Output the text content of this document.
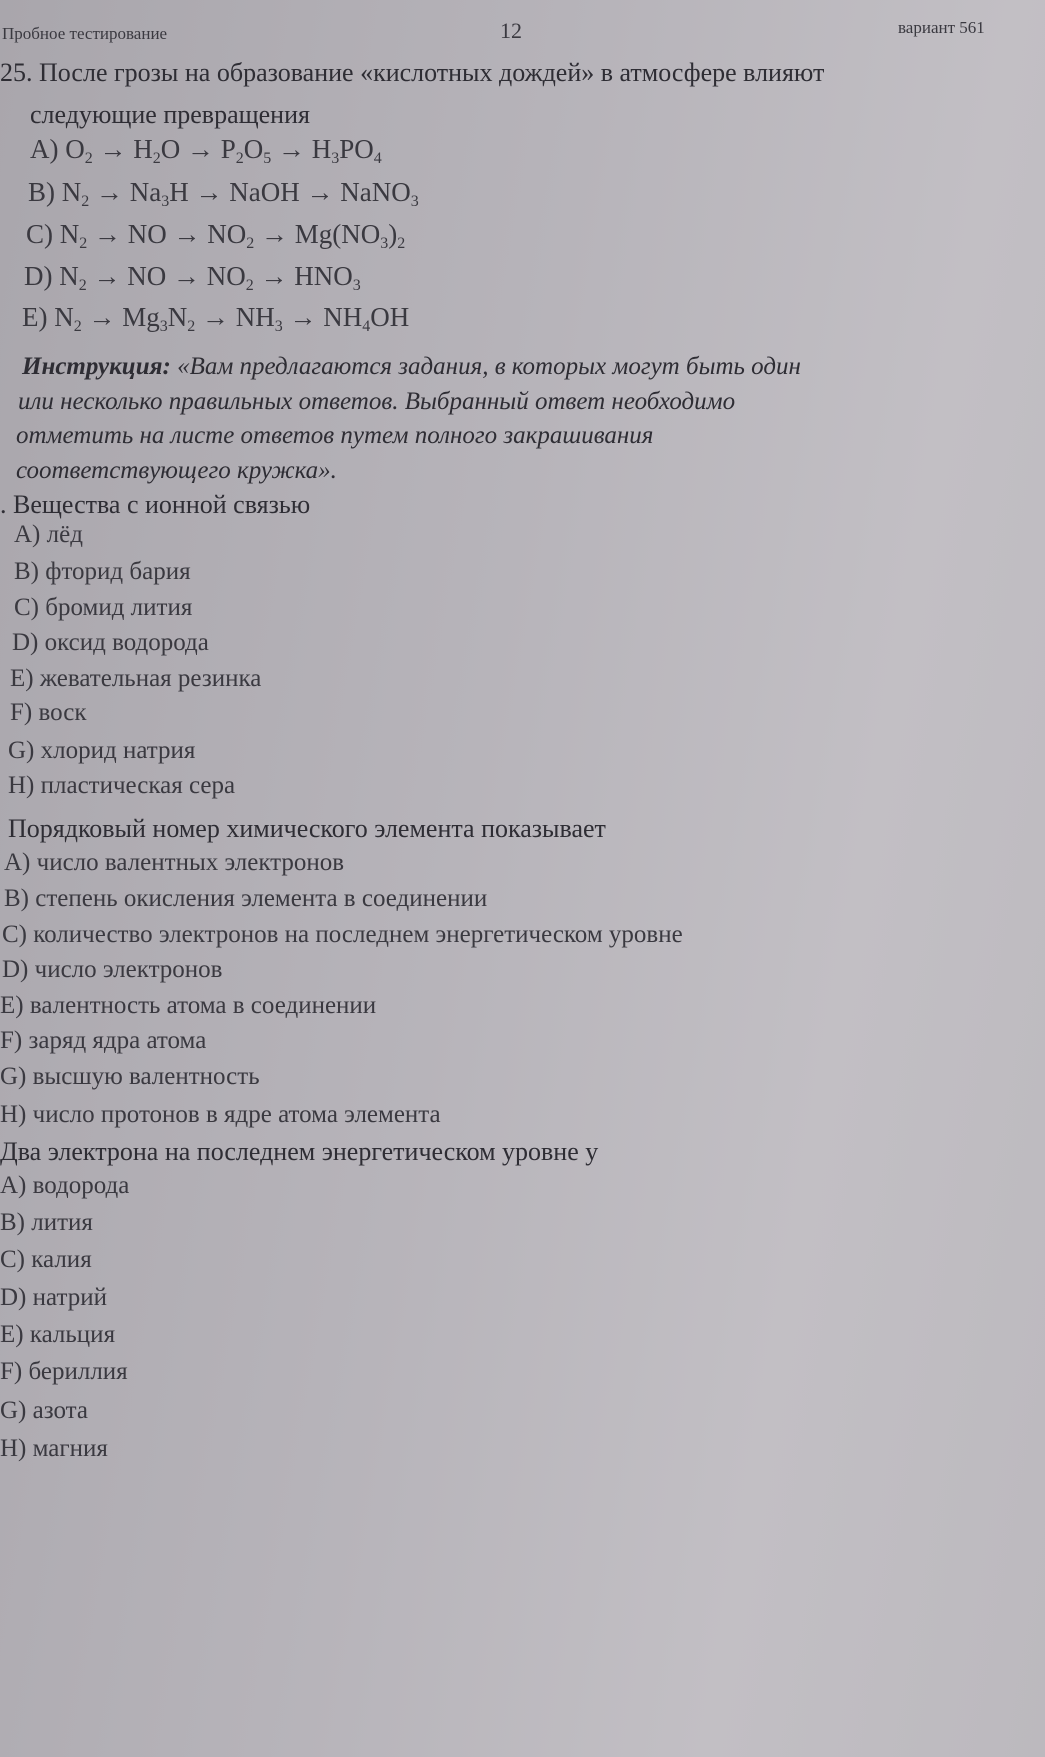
Пробное тестирование	12	вариант 561
25. После грозы на образование «кислотных дождей» в атмосфере влияют
следующие превращения
A) $O_2 \to H_2O \to P_2O_5 \to H_3PO_4$
B) $N_2 \to Na_3H$ → NaOH → NaNO$_3$
C) $N_2$ → NO → $NO_2 \to Mg(NO_3)_2$
D) $N_2$ → NO → $NO_2 \to HNO_3$
E) $N_2 \to Mg_3N_2 \to NH_3 \to NH_4OH$
Инструкция: «Вам предлагаются задания, в которых могут быть один
или несколько правильных ответов. Выбранный ответ необходимо
отметить на листе ответов путем полного закрашивания
соответствующего кружка».
. Вещества с ионной связью
A) лёд
B) фторид бария
C) бромид лития
D) оксид водорода
E) жевательная резинка
F) воск
G) хлорид натрия
H) пластическая сера
Порядковый номер химического элемента показывает
A) число валентных электронов
B) степень окисления элемента в соединении
C) количество электронов на последнем энергетическом уровне
D) число электронов
E) валентность атома в соединении
F) заряд ядра атома
G) высшую валентность
H) число протонов в ядре атома элемента
Два электрона на последнем энергетическом уровне у
A) водорода
B) лития
C) калия
D) натрий
E) кальция
F) бериллия
G) азота
H) магния
